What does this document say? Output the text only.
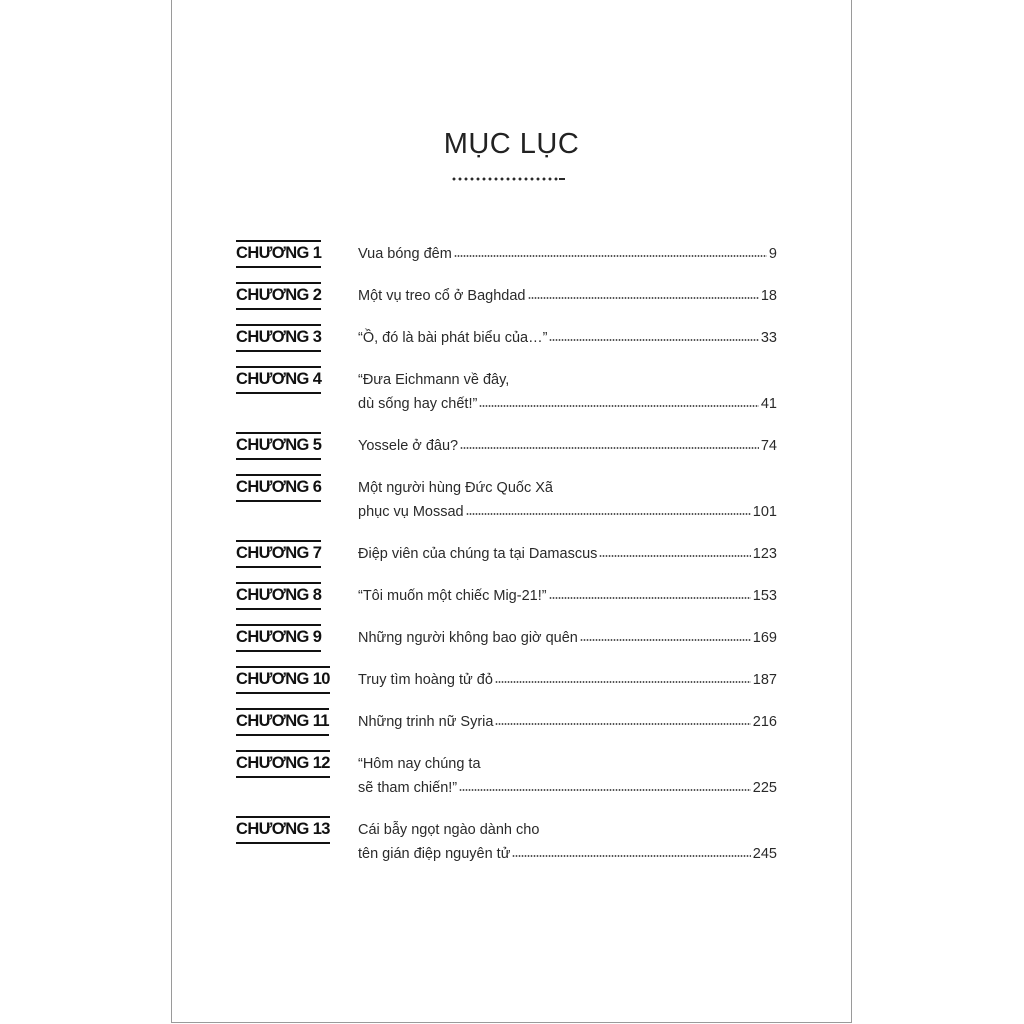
MỤC LỤC
CHƯƠNG 1	Vua bóng đêm	9
CHƯƠNG 2	Một vụ treo cổ ở Baghdad	18
CHƯƠNG 3	“Ồ, đó là bài phát biểu của…”	33
CHƯƠNG 4	“Đưa Eichmann về đây,
dù sống hay chết!”	41
CHƯƠNG 5	Yossele ở đâu?	74
CHƯƠNG 6	Một người hùng Đức Quốc Xã
phục vụ Mossad	101
CHƯƠNG 7	Điệp viên của chúng ta tại Damascus	123
CHƯƠNG 8	“Tôi muốn một chiếc Mig-21!”	153
CHƯƠNG 9	Những người không bao giờ quên	169
CHƯƠNG 10 Truy tìm hoàng tử đỏ	187
CHƯƠNG 11 Những trinh nữ Syria	216
CHƯƠNG 12 “Hôm nay chúng ta
sẽ tham chiến!”	225
CHƯƠNG 13 Cái bẫy ngọt ngào dành cho
tên gián điệp nguyên tử	245
